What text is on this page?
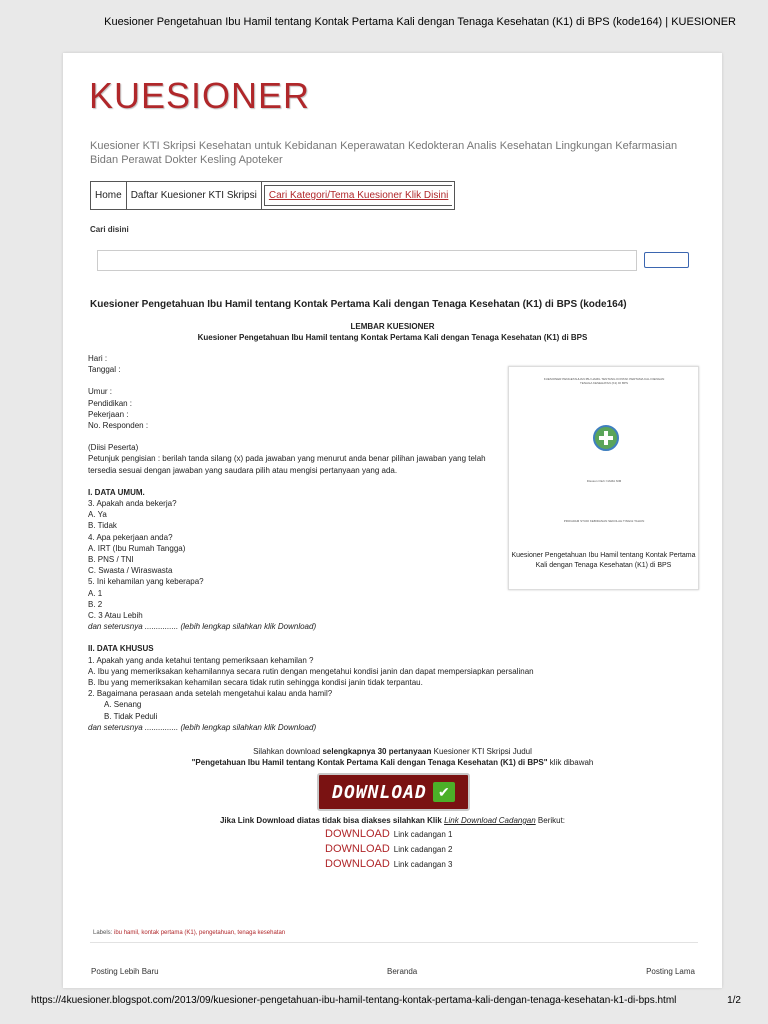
Kuesioner Pengetahuan Ibu Hamil tentang Kontak Pertama Kali dengan Tenaga Kesehatan (K1) di BPS (kode164) | KUESIONER
KUESIONER
Kuesioner KTI Skripsi Kesehatan untuk Kebidanan Keperawatan Kedokteran Analis Kesehatan Lingkungan Kefarmasian Bidan Perawat Dokter Kesling Apoteker
Home Daftar Kuesioner KTI Skripsi	Cari Kategori/Tema Kuesioner Klik Disini
Cari disini
Kuesioner Pengetahuan Ibu Hamil tentang Kontak Pertama Kali dengan Tenaga Kesehatan (K1) di BPS (kode164)
LEMBAR KUESIONER
Kuesioner Pengetahuan Ibu Hamil tentang Kontak Pertama Kali dengan Tenaga Kesehatan (K1) di BPS

Hari :

Tanggal :

Umur :

Pendidikan :

Pekerjaan :

No. Responden :

(Diisi Peserta)

Petunjuk pengisian : berilah tanda silang (x) pada jawaban yang menurut anda benar pilihan jawaban yang telah tersedia sesuai dengan jawaban yang saudara pilih atau mengisi pertanyaan yang ada.

I. DATA UMUM.

3. Apakah anda bekerja?

A. Ya

B. Tidak

4. Apa pekerjaan anda?

A. IRT (Ibu Rumah Tangga)

B. PNS / TNI

C. Swasta / Wiraswasta

5. Ini kehamilan yang keberapa?

A. 1

B. 2

C. 3 Atau Lebih

dan seterusnya ............... (lebih lengkap silahkan klik Download)

II. DATA KHUSUS

1. Apakah yang anda ketahui tentang pemeriksaan kehamilan ?

A. Ibu yang memeriksakan kehamilannya secara rutin dengan mengetahui kondisi janin dan dapat mempersiapkan persalinan

B. Ibu yang memeriksakan kehamilan secara tidak rutin sehingga kondisi janin tidak terpantau.

2. Bagaimana perasaan anda setelah mengetahui kalau anda hamil?

A. Senang

B. Tidak Peduli

dan seterusnya ............... (lebih lengkap silahkan klik Download)

KUESIONER PENGETAHUAN IBU HAMIL TENTANG KONTAK PERTAMA KALI DENGAN TENAGA KESEHATAN (K1) DI BPS
Disusun Oleh: NAMA NIM
PROGRAM STUDI KEBIDANAN SEKOLAH TINGGI TAHUN
Kuesioner Pengetahuan Ibu Hamil tentang Kontak Pertama Kali dengan Tenaga Kesehatan (K1) di BPS
Silahkan download selengkapnya 30 pertanyaan Kuesioner KTI Skripsi Judul
"Pengetahuan Ibu Hamil tentang Kontak Pertama Kali dengan Tenaga Kesehatan (K1) di BPS" klik dibawah
DOWNLOAD ✔
Jika Link Download diatas tidak bisa diakses silahkan Klik Link Download Cadangan Berikut:
DOWNLOAD Link cadangan 1
DOWNLOAD Link cadangan 2
DOWNLOAD Link cadangan 3
Labels: ibu hamil, kontak pertama (K1), pengetahuan, tenaga kesehatan
Posting Lebih Baru	Beranda	Posting Lama
https://4kuesioner.blogspot.com/2013/09/kuesioner-pengetahuan-ibu-hamil-tentang-kontak-pertama-kali-dengan-tenaga-kesehatan-k1-di-bps.html	1/2
